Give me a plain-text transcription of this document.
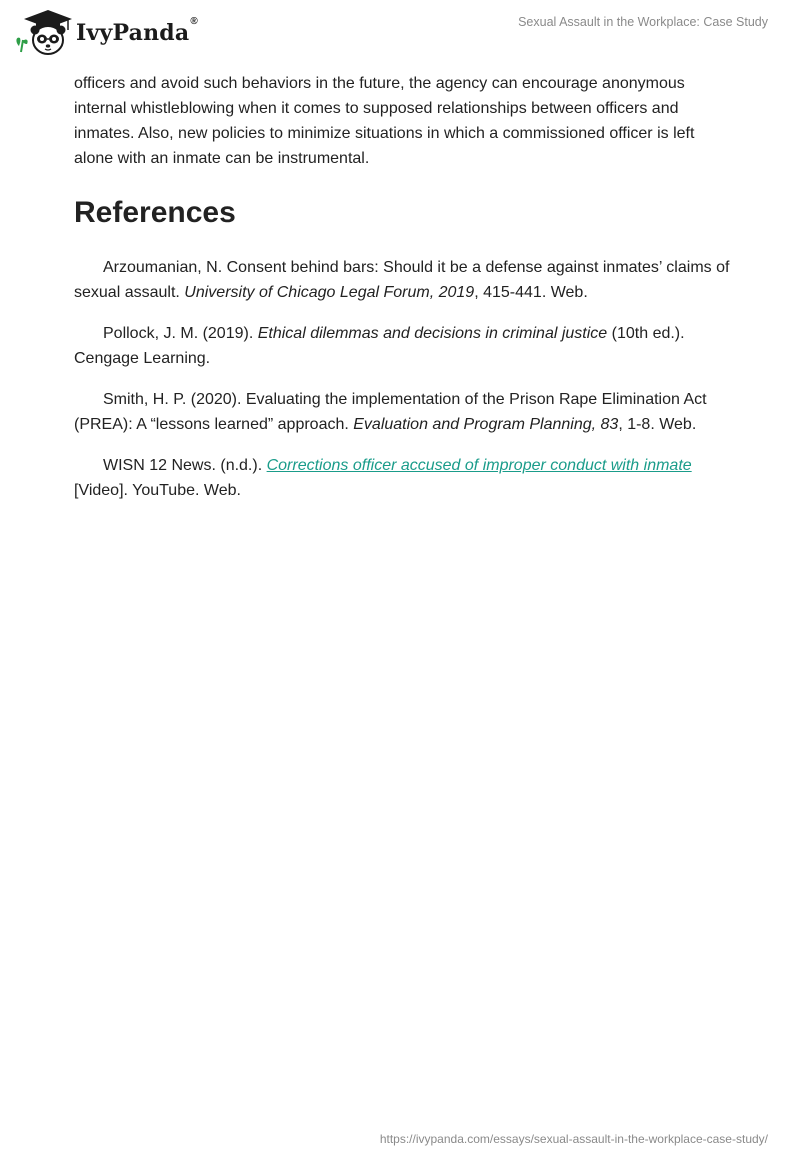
IvyPanda®	Sexual Assault in the Workplace: Case Study

officers and avoid such behaviors in the future, the agency can encourage anonymous internal whistleblowing when it comes to supposed relationships between officers and inmates. Also, new policies to minimize situations in which a commissioned officer is left alone with an inmate can be instrumental.

References

Arzoumanian, N. Consent behind bars: Should it be a defense against inmates’ claims of sexual assault. University of Chicago Legal Forum, 2019, 415-441. Web.

Pollock, J. M. (2019). Ethical dilemmas and decisions in criminal justice (10th ed.). Cengage Learning.

Smith, H. P. (2020). Evaluating the implementation of the Prison Rape Elimination Act (PREA): A “lessons learned” approach. Evaluation and Program Planning, 83, 1-8. Web.

WISN 12 News. (n.d.). Corrections officer accused of improper conduct with inmate [Video]. YouTube. Web.

https://ivypanda.com/essays/sexual-assault-in-the-workplace-case-study/
